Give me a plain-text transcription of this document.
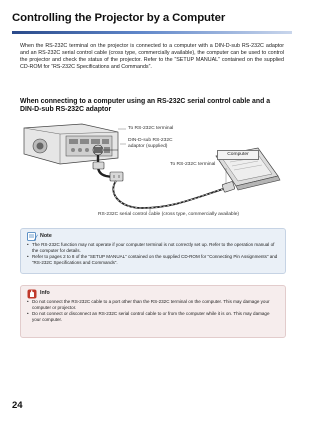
Controlling the Projector by a Computer
When the RS-232C terminal on the projector is connected to a computer with a DIN-D-sub RS-232C adaptor and an RS-232C serial control cable (cross type, commercially available), the computer can be used to control the projector and check the status of the projector. Refer to the “SETUP MANUAL” contained on the supplied CD-ROM for “RS-232C Specifications and Commands”.
When connecting to a computer using an RS-232C serial control cable and a DIN-D-sub RS-232C adaptor
To RS-232C terminal
DIN-D-sub RS-232C
adaptor (supplied)
To RS-232C terminal
Computer
RS-232C serial control cable (cross type, commercially available)
Note
• The RS-232C function may not operate if your computer terminal is not correctly set up. Refer to the operation manual of the computer for details.
• Refer to pages 2 to 8 of the “SETUP MANUAL” contained on the supplied CD-ROM for “Connecting Pin Assignments” and “RS-232C Specifications and Commands”.
Info
• Do not connect the RS-232C cable to a port other than the RS-232C terminal on the computer. This may damage your computer or projector.
• Do not connect or disconnect an RS-232C serial control cable to or from the computer while it is on. This may damage your computer.
24
